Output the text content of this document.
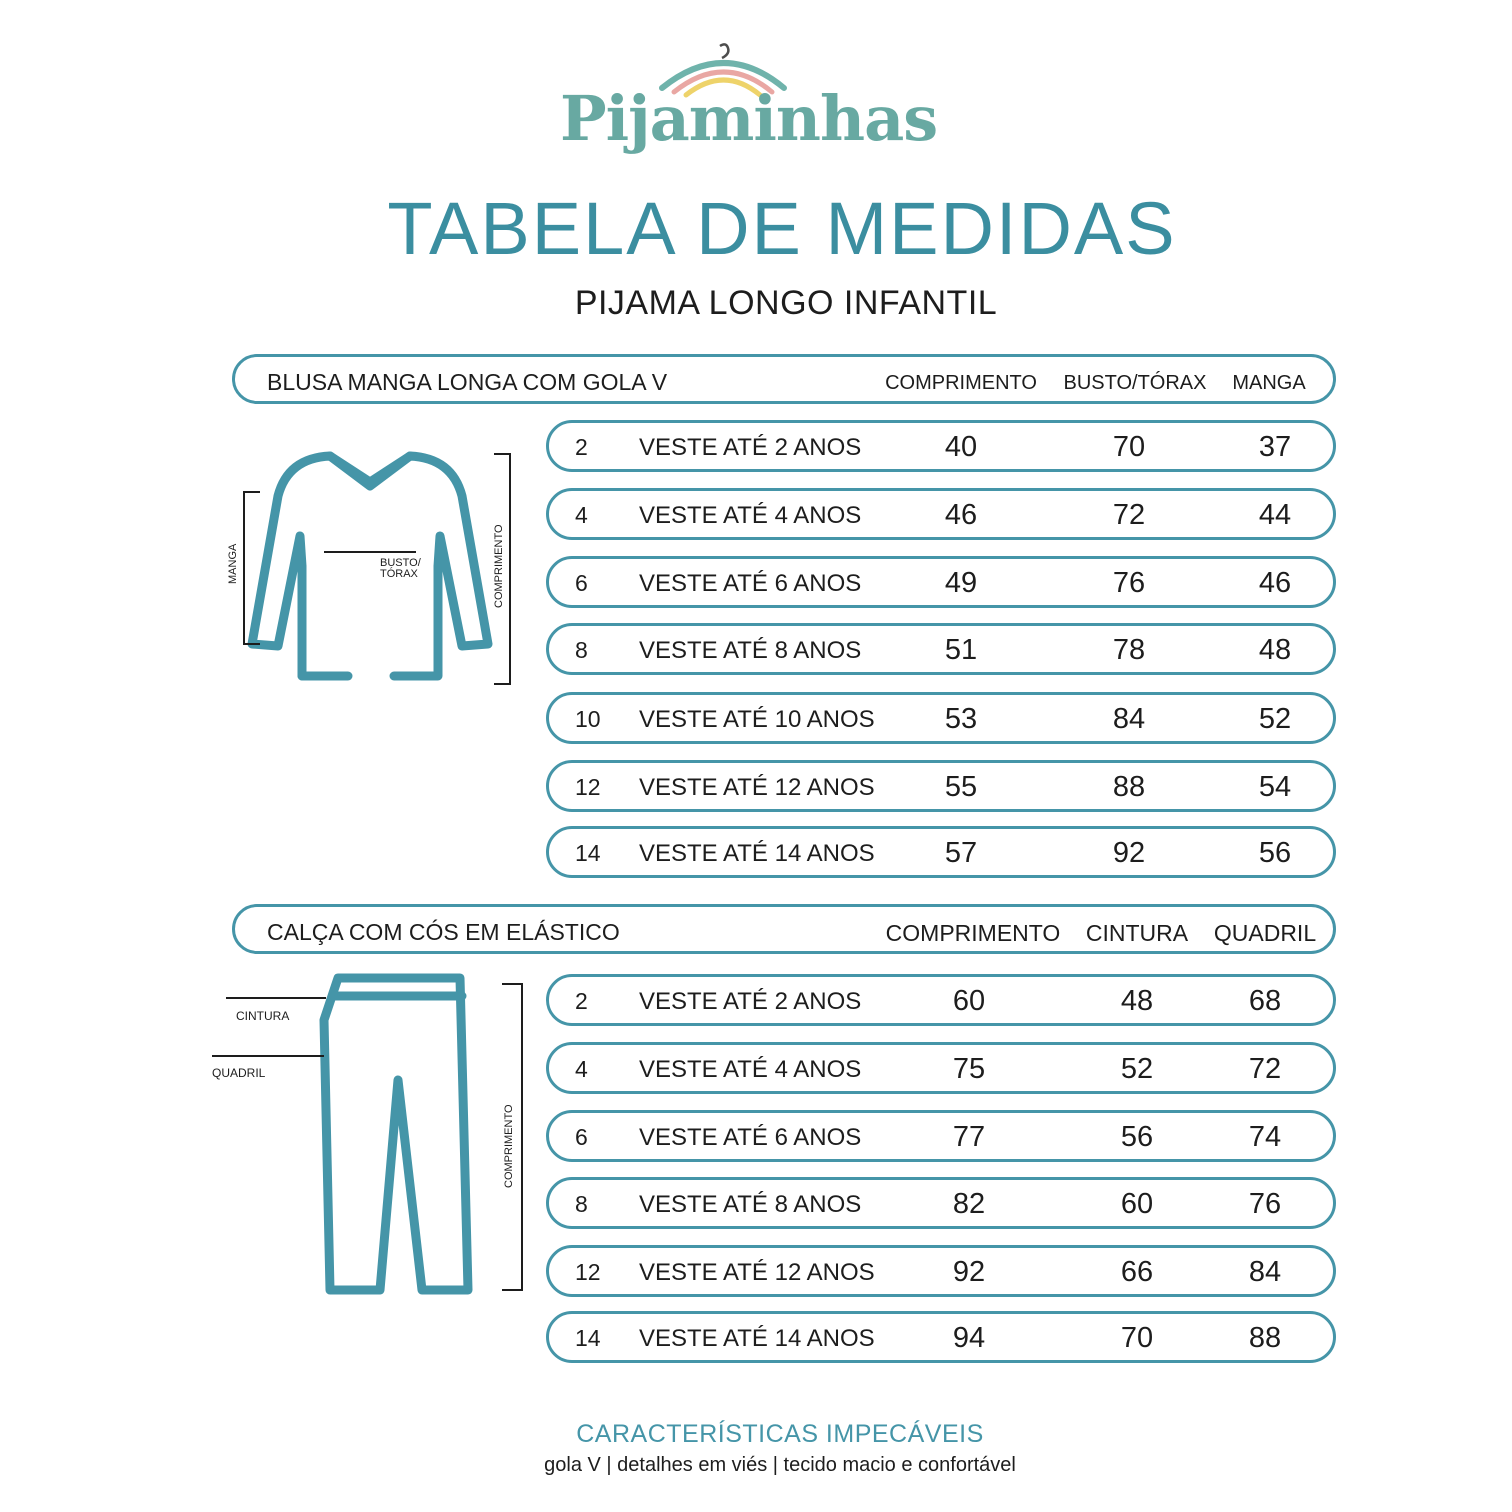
Pijaminhas
TABELA DE MEDIDAS
PIJAMA LONGO INFANTIL
BLUSA MANGA LONGA COM GOLA V	COMPRIMENTO	BUSTO/TÓRAX	MANGA
2 VESTE ATÉ 2 ANOS	40	70	37
4 VESTE ATÉ 4 ANOS	46	72	44
6 VESTE ATÉ 6 ANOS	49	76	46
8 VESTE ATÉ 8 ANOS	51	78	48
10 VESTE ATÉ 10 ANOS	53	84	52
12 VESTE ATÉ 12 ANOS	55	88	54
14 VESTE ATÉ 14 ANOS	57	92	56
MANGA	BUSTO/
TÓRAX	COMPRIMENTO
CALÇA COM CÓS EM ELÁSTICO	COMPRIMENTO	CINTURA	QUADRIL
2 VESTE ATÉ 2 ANOS	60	48	68
4 VESTE ATÉ 4 ANOS	75	52	72
6 VESTE ATÉ 6 ANOS	77	56	74
8 VESTE ATÉ 8 ANOS	82	60	76
12 VESTE ATÉ 12 ANOS	92	66	84
14 VESTE ATÉ 14 ANOS	94	70	88
CINTURA
QUADRIL
COMPRIMENTO
CARACTERÍSTICAS IMPECÁVEIS
gola V | detalhes em viés | tecido macio e confortável
